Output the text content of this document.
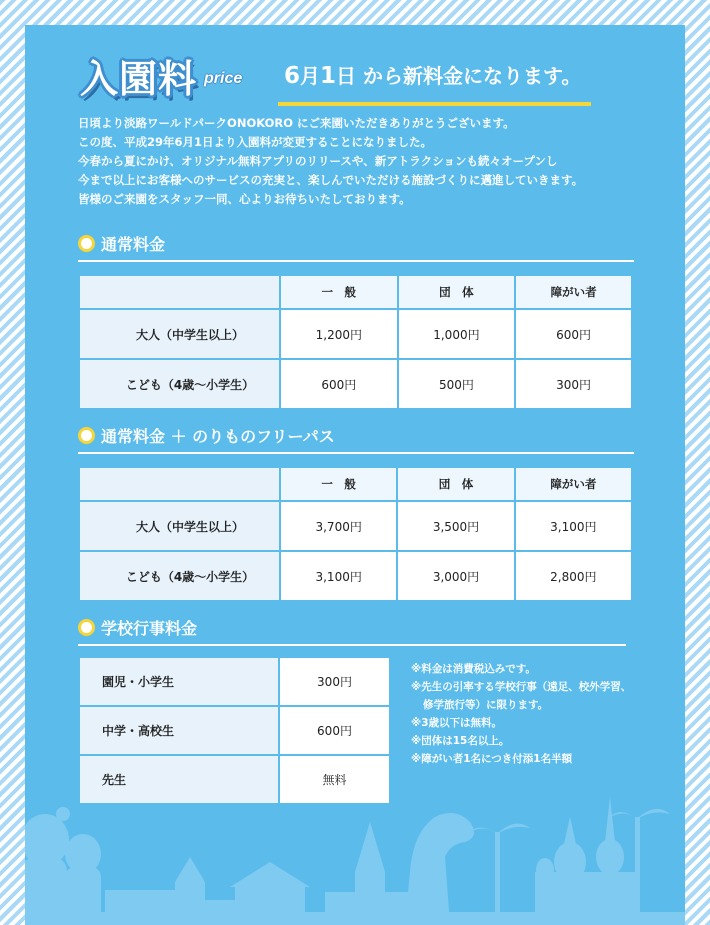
入園料 price 6月1日 から新料金になります。
日頃より淡路ワールドパークONOKORO にご来園いただきありがとうございます。
この度、平成29年6月1日より入園料が変更することになりました。
今春から夏にかけ、オリジナル無料アプリのリリースや、新アトラクションも続々オープンし
今まで以上にお客様へのサービスの充実と、楽しんでいただける施設づくりに邁進していきます。
皆様のご来園をスタッフ一同、心よりお待ちいたしております。
通常料金
	一　般	団　体	障がい者
大人（中学生以上）	1,200円	1,000円	600円
こども（4歳〜小学生）	600円	500円	300円
通常料金 ＋ のりものフリーパス
	一　般	団　体	障がい者
大人（中学生以上）	3,700円	3,500円	3,100円
こども（4歳〜小学生）	3,100円	3,000円	2,800円
学校行事料金
園児・小学生	300円
中学・高校生	600円
先生	無料
※料金は消費税込みです。
※先生の引率する学校行事（遠足、校外学習、
修学旅行等）に限ります。
※3歳以下は無料。
※団体は15名以上。
※障がい者1名につき付添1名半額
